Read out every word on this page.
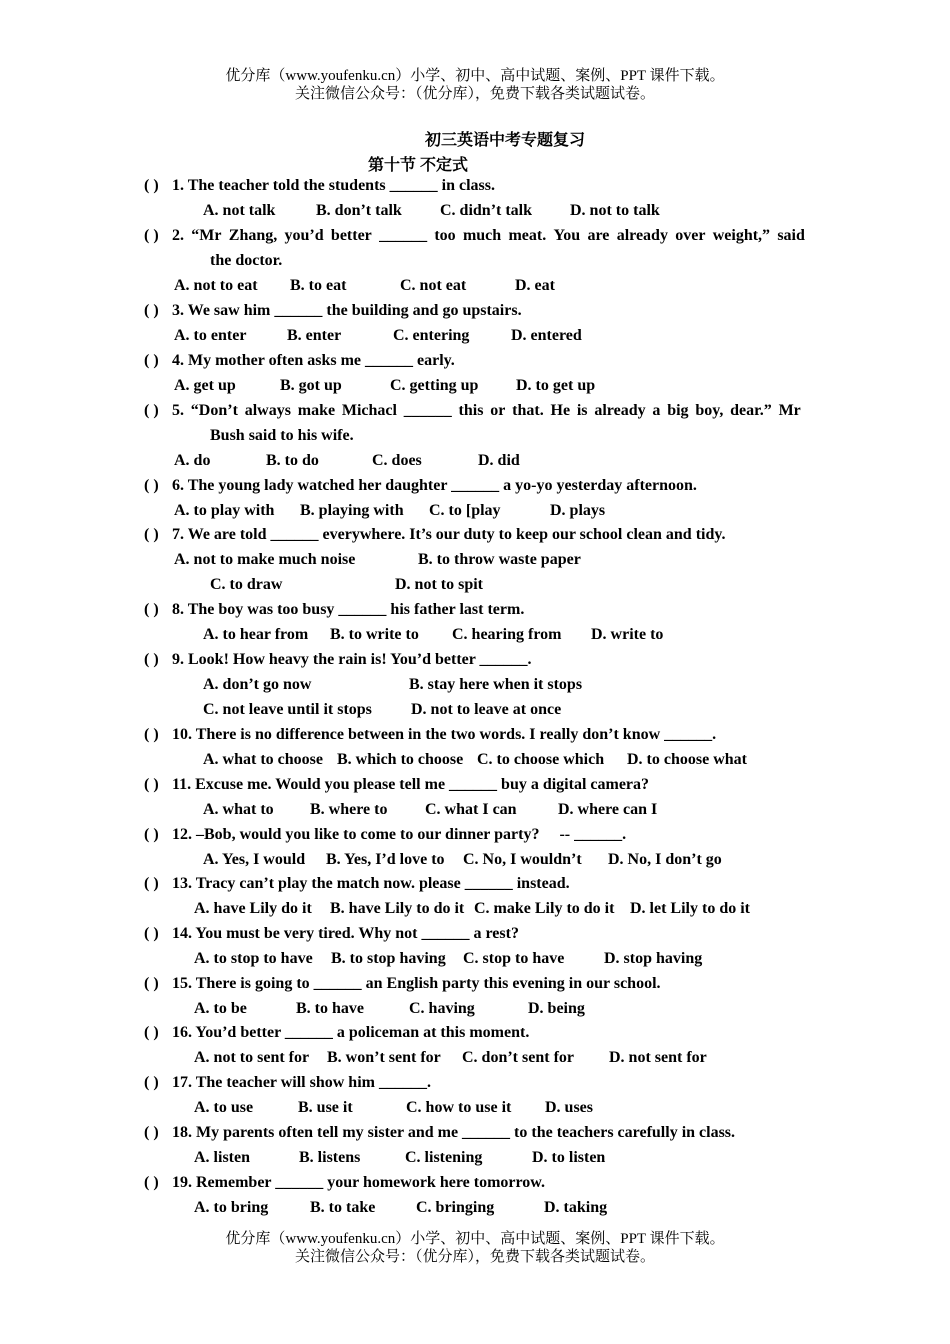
优分库（www.youfenku.cn）小学、初中、高中试题、案例、PPT 课件下载。
关注微信公众号：（优分库），免费下载各类试题试卷。
初三英语中考专题复习
第十节 不定式
( ) 1. The teacher told the students ______ in class.
A. not talk	B. don’t talk C. didn’t talk D. not to talk
( ) 2. “Mr Zhang, you’d better ______ too much meat. You are already over weight,” said
the doctor.
A. not to eat B. to eat	C. not eat	D. eat
( ) 3. We saw him ______ the building and go upstairs.
A. to enter	B. enter	C. entering	D. entered
( ) 4. My mother often asks me ______ early.
A. get up	B. got up	C. getting up D. to get up
( ) 5. “Don’t always make Michacl ______ this or that. He is already a big boy, dear.” Mr
Bush said to his wife.
A. do	B. to do	C. does	D. did
( ) 6. The young lady watched her daughter ______ a yo-yo yesterday afternoon.
A. to play with B. playing with C. to [play	D. plays
( ) 7. We are told ______ everywhere. It’s our duty to keep our school clean and tidy.
A. not to make much noise	B. to throw waste paper
C. to draw	D. not to spit
( ) 8. The boy was too busy ______ his father last term.
A. to hear from B. to write to C. hearing from D. write to
( ) 9. Look! How heavy the rain is! You’d better ______.
A. don’t go now	B. stay here when it stops
C. not leave until it stops D. not to leave at once
( ) 10. There is no difference between in the two words. I really don’t know ______.
A. what to choose B. which to choose C. to choose which D. to choose what
( ) 11. Excuse me. Would you please tell me ______ buy a digital camera?
A. what to B. where to C. what I can	D. where can I
( ) 12. –Bob, would you like to come to our dinner party?     -- ______.
A. Yes, I would B. Yes, I’d love to C. No, I wouldn’t D. No, I don’t go
( ) 13. Tracy can’t play the match now. please ______ instead.
A. have Lily do it B. have Lily to do it C. make Lily to do it D. let Lily to do it
( ) 14. You must be very tired. Why not ______ a rest?
A. to stop to have B. to stop having C. stop to have D. stop having
( ) 15. There is going to ______ an English party this evening in our school.
A. to be	B. to have	C. having	D. being
( ) 16. You’d better ______ a policeman at this moment.
A. not to sent for B. won’t sent for C. don’t sent for D. not sent for
( ) 17. The teacher will show him ______.
A. to use	B. use it	C. how to use it D. uses
( ) 18. My parents often tell my sister and me ______ to the teachers carefully in class.
A. listen	B. listens	C. listening	D. to listen
( ) 19. Remember ______ your homework here tomorrow.
A. to bring	B. to take	C. bringing	D. taking
优分库（www.youfenku.cn）小学、初中、高中试题、案例、PPT 课件下载。
关注微信公众号：（优分库），免费下载各类试题试卷。
